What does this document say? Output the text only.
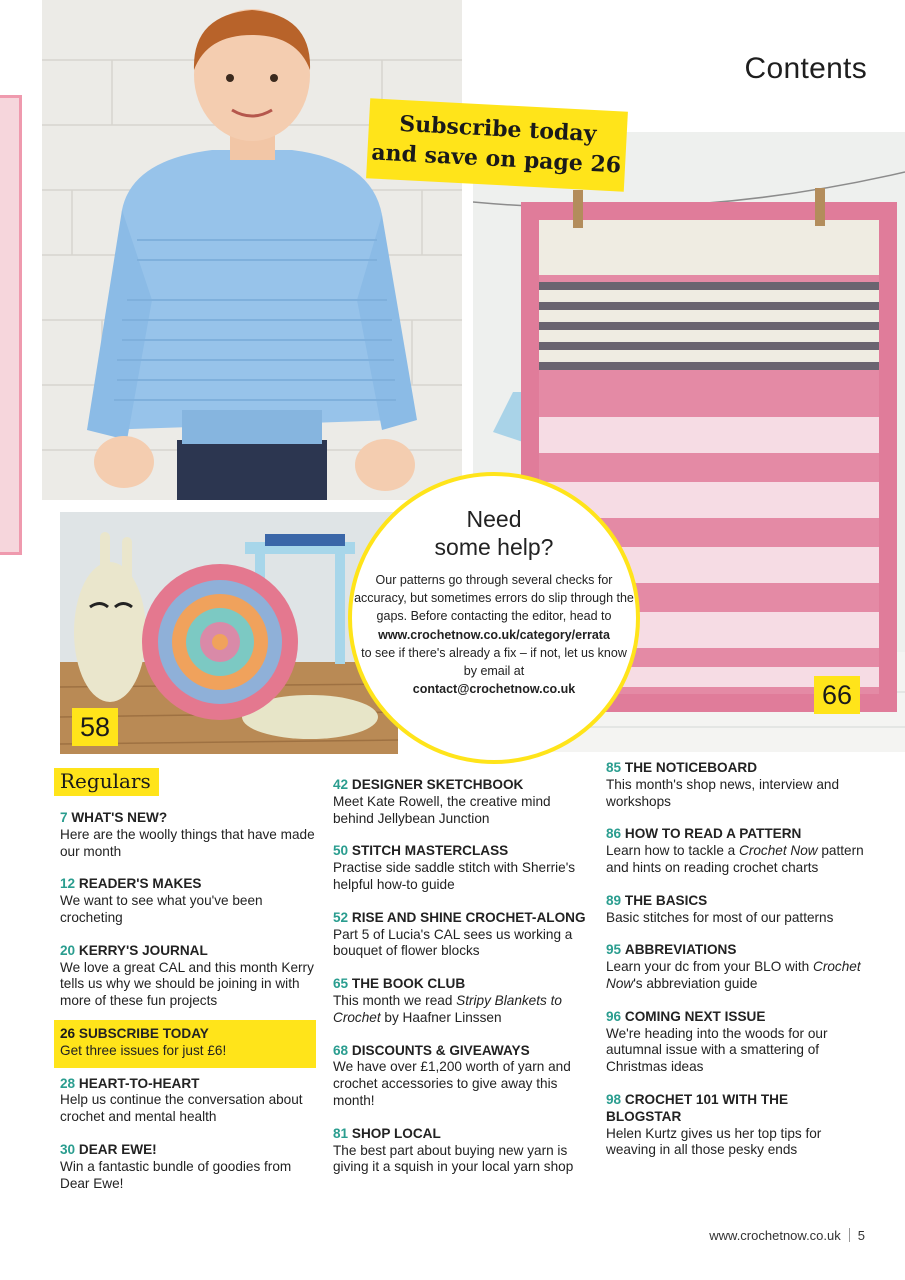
Contents
Subscribe today
and save on page 26
58
66
Need
some help?
Our patterns go through several checks for accuracy, but sometimes errors do slip through the gaps. Before contacting the editor, head to
www.crochetnow.co.uk/category/errata
to see if there's already a fix – if not, let us know by email at
contact@crochetnow.co.uk
Regulars
7 WHAT'S NEW?
Here are the woolly things that have made our month
12 READER'S MAKES
We want to see what you've been crocheting
20 KERRY'S JOURNAL
We love a great CAL and this month Kerry tells us why we should be joining in with more of these fun projects
26 SUBSCRIBE TODAY
Get three issues for just £6!
28 HEART-TO-HEART
Help us continue the conversation about crochet and mental health
30 DEAR EWE!
Win a fantastic bundle of goodies from Dear Ewe!
42 DESIGNER SKETCHBOOK
Meet Kate Rowell, the creative mind behind Jellybean Junction
50 STITCH MASTERCLASS
Practise side saddle stitch with Sherrie's helpful how-to guide
52 RISE AND SHINE CROCHET-ALONG
Part 5 of Lucia's CAL sees us working a bouquet of flower blocks
65 THE BOOK CLUB
This month we read Stripy Blankets to Crochet by Haafner Linssen
68 DISCOUNTS & GIVEAWAYS
We have over £1,200 worth of yarn and crochet accessories to give away this month!
81 SHOP LOCAL
The best part about buying new yarn is giving it a squish in your local yarn shop
85 THE NOTICEBOARD
This month's shop news, interview and workshops
86 HOW TO READ A PATTERN
Learn how to tackle a Crochet Now pattern and hints on reading crochet charts
89 THE BASICS
Basic stitches for most of our patterns
95 ABBREVIATIONS
Learn your dc from your BLO with Crochet Now's abbreviation guide
96 COMING NEXT ISSUE
We're heading into the woods for our autumnal issue with a smattering of Christmas ideas
98 CROCHET 101 WITH THE BLOGSTAR
Helen Kurtz gives us her top tips for weaving in all those pesky ends
www.crochetnow.co.uk 5
